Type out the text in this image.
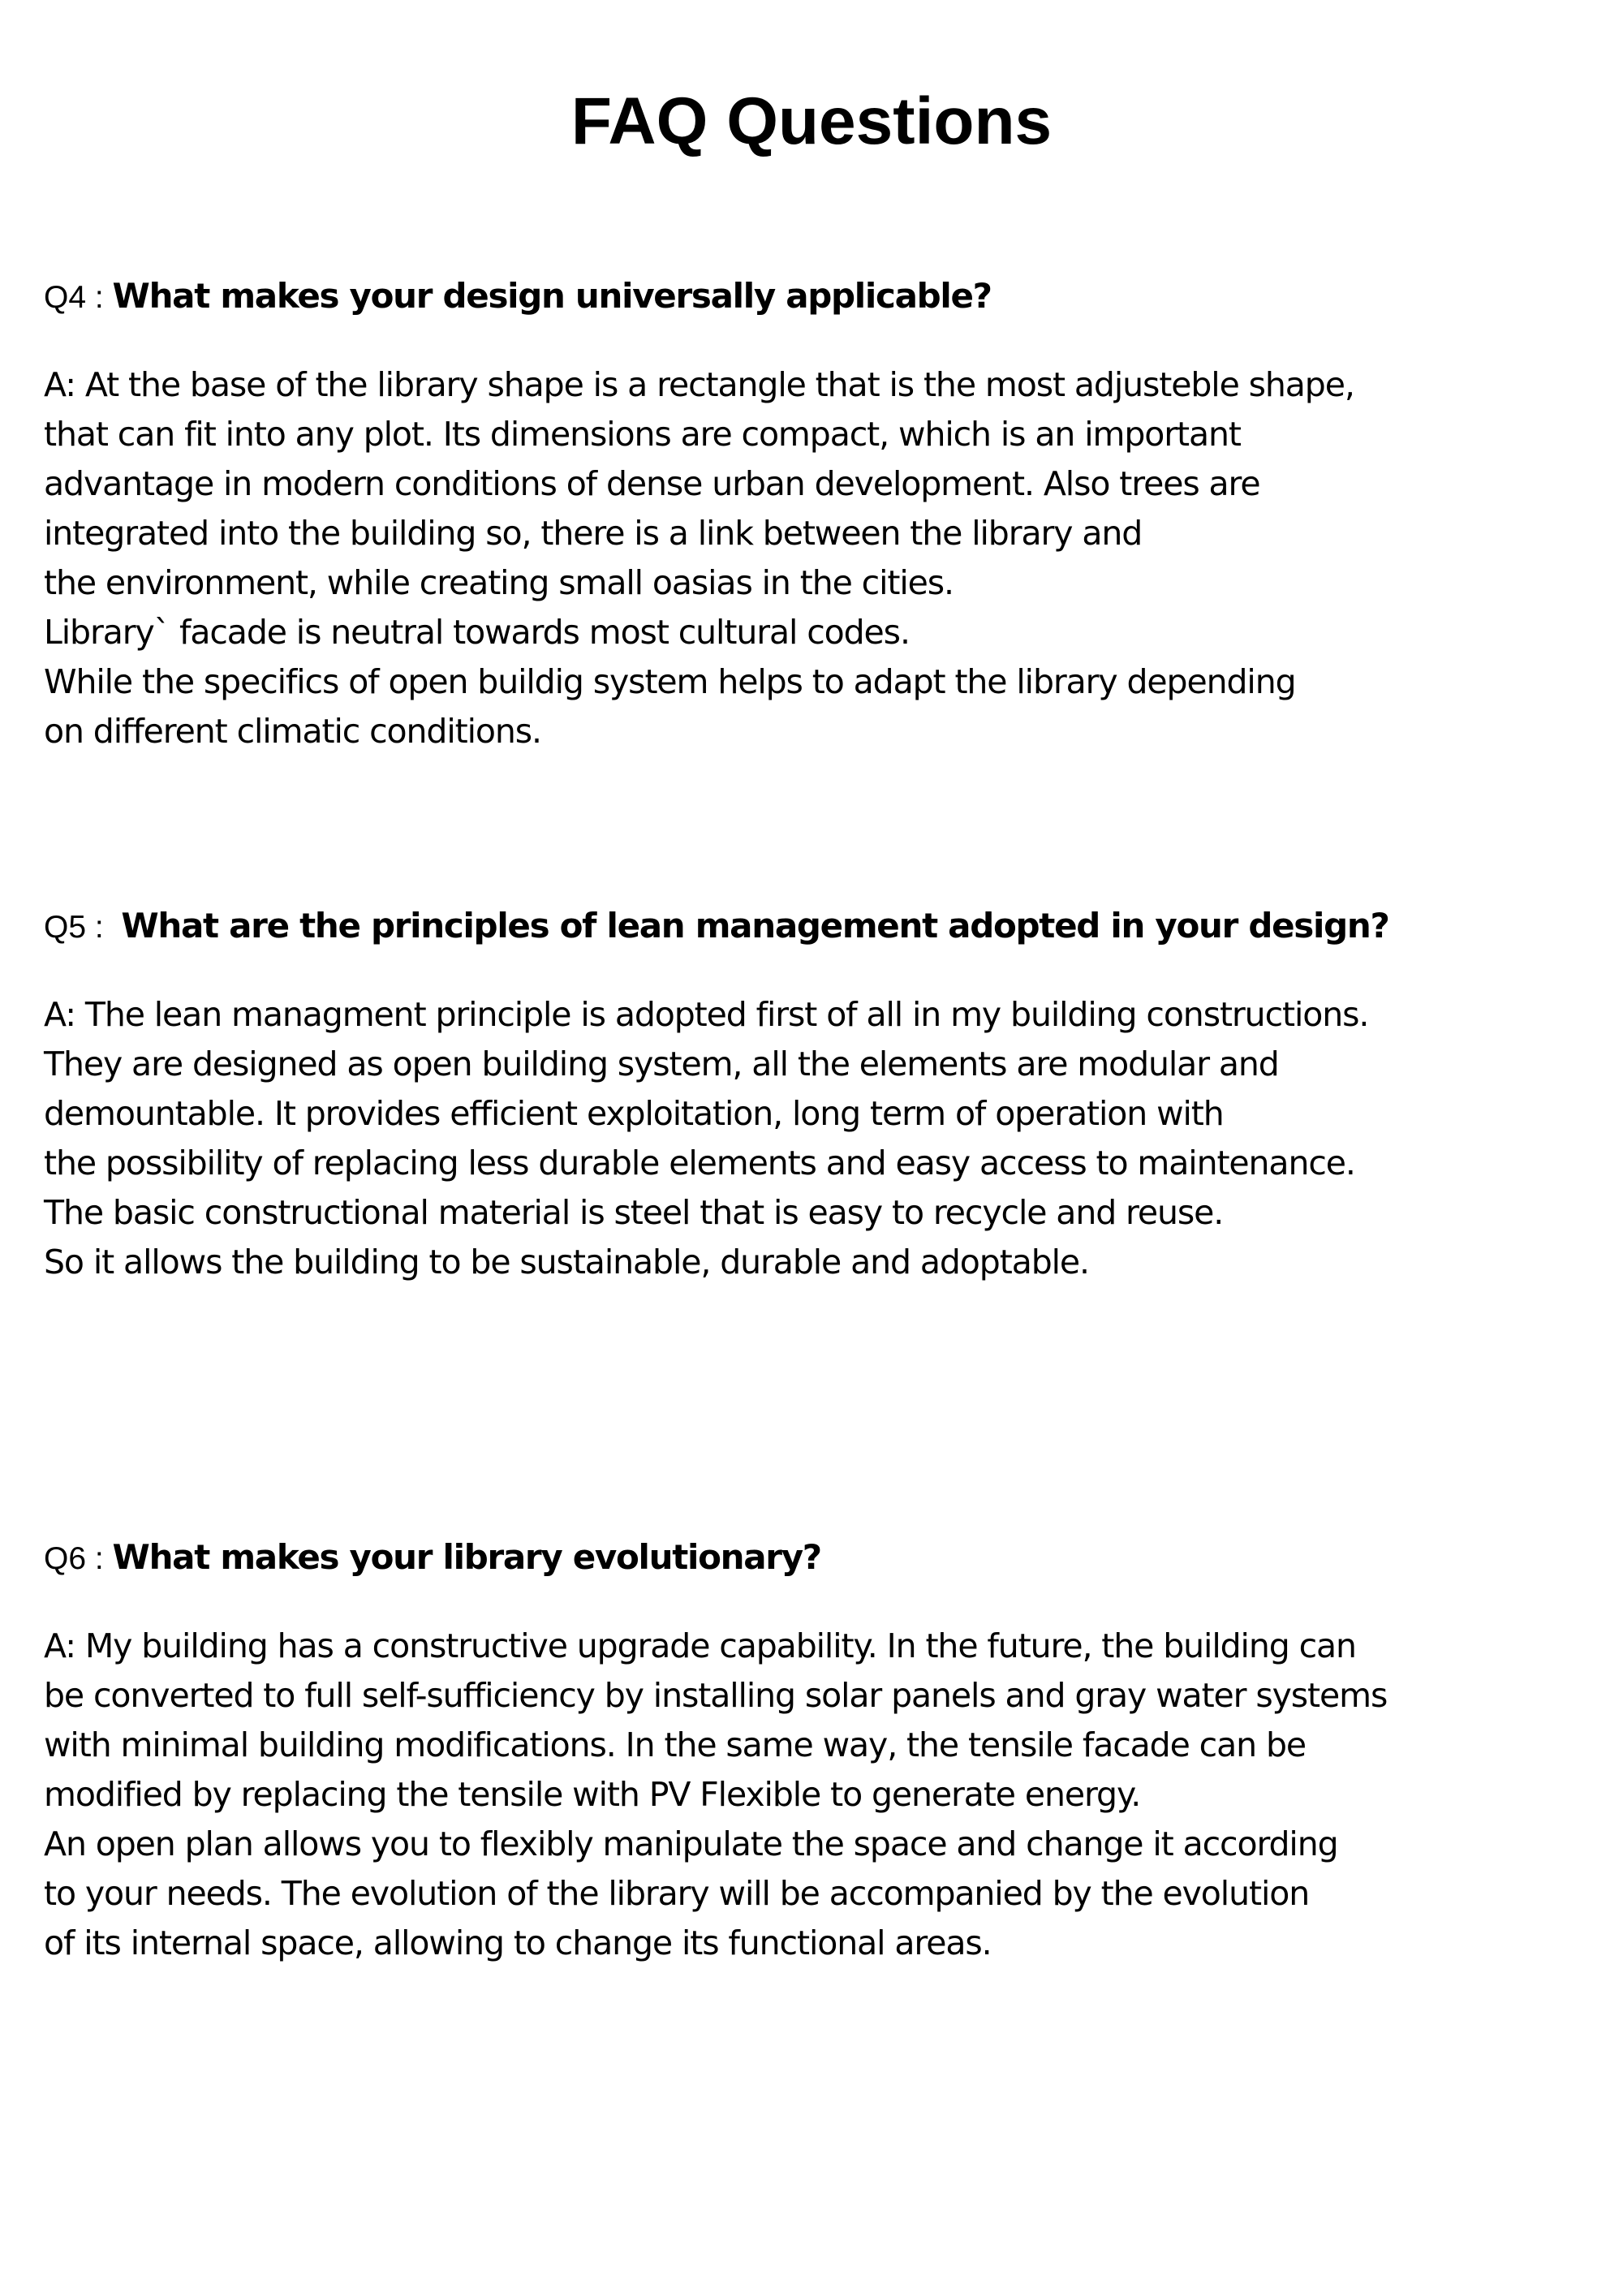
FAQ Questions

Q4 : What makes your design universally applicable?

A: At the base of the library shape is a rectangle that is the most adjusteble shape,
that can fit into any plot. Its dimensions are compact, which is an important
advantage in modern conditions of dense urban development. Also trees are
integrated into the building so, there is a link between the library and
the environment, while creating small oasias in the cities.
Library` facade is neutral towards most cultural codes.
While the specifics of open buildig system helps to adapt the library depending
on different climatic conditions.

Q5 :  What are the principles of lean management adopted in your design?

A: The lean managment principle is adopted first of all in my building constructions.
They are designed as open building system, all the elements are modular and
demountable. It provides efficient exploitation, long term of operation with
the possibility of replacing less durable elements and easy access to maintenance.
The basic constructional material is steel that is easy to recycle and reuse.
So it allows the building to be sustainable, durable and adoptable.

Q6 : What makes your library evolutionary?

A: My building has a constructive upgrade capability. In the future, the building can
be converted to full self-sufficiency by installing solar panels and gray water systems
with minimal building modifications. In the same way, the tensile facade can be
modified by replacing the tensile with PV Flexible to generate energy.
An open plan allows you to flexibly manipulate the space and change it according
to your needs. The evolution of the library will be accompanied by the evolution
of its internal space, allowing to change its functional areas.
